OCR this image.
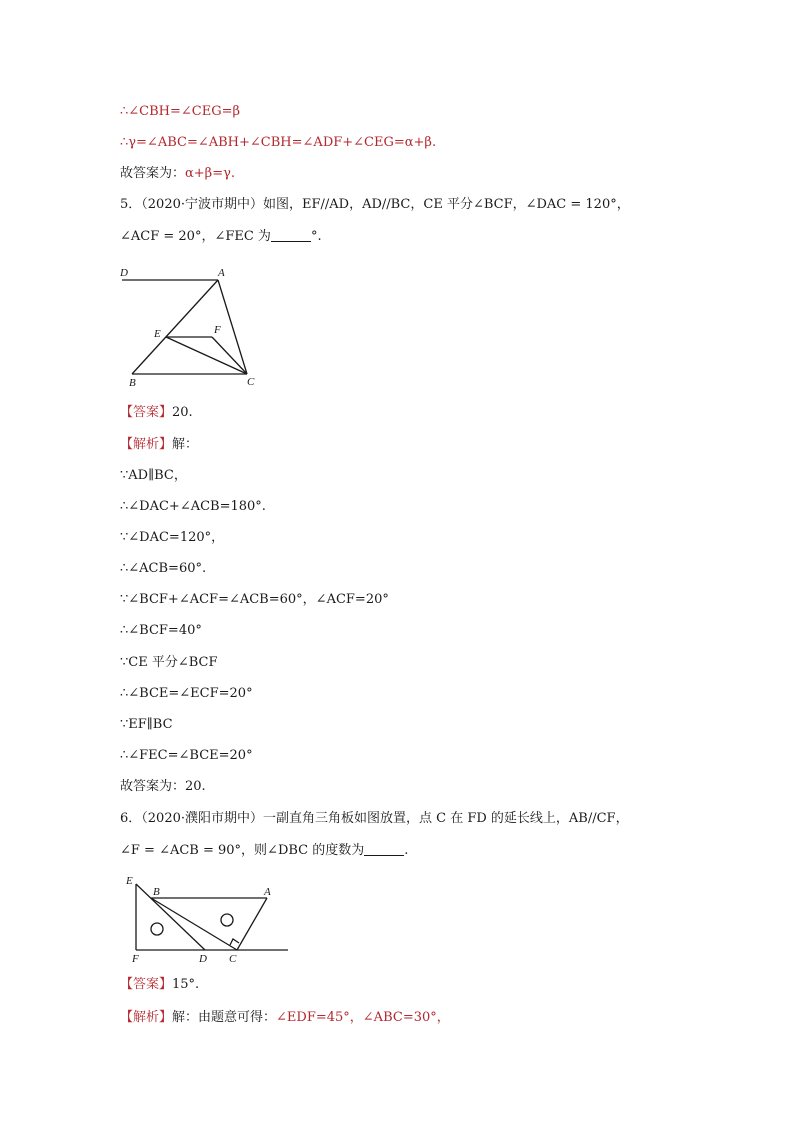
∴∠CBH=∠CEG=β
∴γ=∠ABC=∠ABH+∠CBH=∠ADF+∠CEG=α+β.
故答案为：α+β=γ.
5．（2020·宁波市期中）如图，EF//AD，AD//BC，CE 平分∠BCF，∠DAC = 120°，
∠ACF = 20°，∠FEC 为	°.
D	A
E	F
B	C
【答案】20.
【解析】解：
∵AD∥BC，
∴∠DAC+∠ACB=180°.
∵∠DAC=120°，
∴∠ACB=60°.
∵∠BCF+∠ACF=∠ACB=60°，∠ACF=20°
∴∠BCF=40°
∵CE 平分∠BCF
∴∠BCE=∠ECF=20°
∵EF∥BC
∴∠FEC=∠BCE=20°
故答案为：20.
6．（2020·濮阳市期中）一副直角三角板如图放置，点 C 在 FD 的延长线上，AB//CF，
∠F = ∠ACB = 90°，则∠DBC 的度数为	.
E
B	A
F	D C
【答案】15°.
【解析】解：由题意可得：∠EDF=45°，∠ABC=30°，
